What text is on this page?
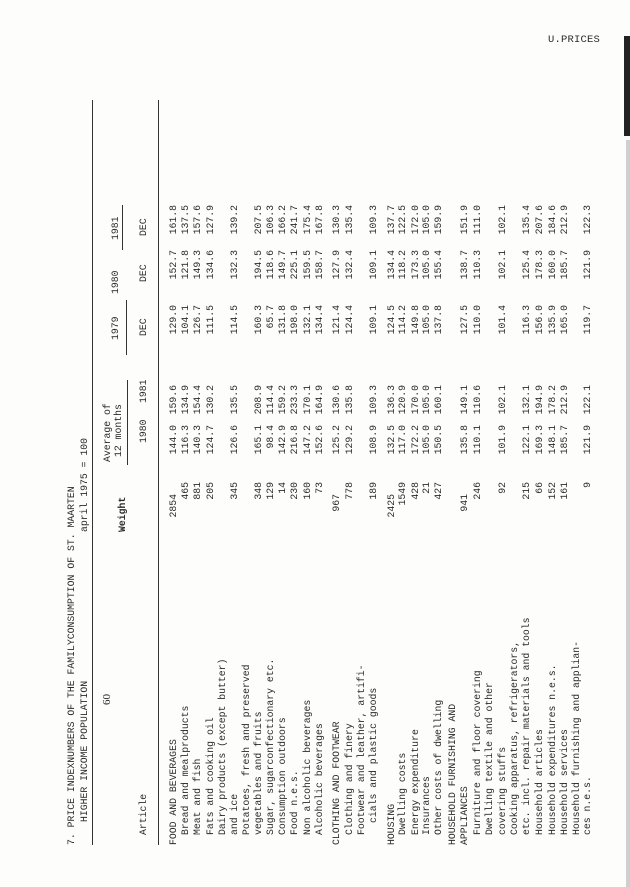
U.PRICES
7. PRICE INDEXNUMBERS OF THE FAMILYCONSUMPTION OF ST. MAARTEN HIGHER INCOME POPULATION
april 1975 = 100
Average of 12 months
Weight
1980
1981
1979
1980
1981
DEC
DEC
DEC
Article FOOD AND BEVERAGES
2854
144.0
159.6
129.0
152.7
161.8
Bread and mealproducts
465
116.3
134.9
104.1
121.8
137.5
Meat and fish
881
140.3
154.4
126.7
149.3
157.6
Fats and cooking oil
205
124.7
130.2
111.5
134.6
127.9
Dairy products (except butter) and ice
345
126.6
135.5
114.5
132.3
139.2
Potatoes, fresh and preserved vegetables and fruits
348
165.1
208.9
160.3
194.5
207.5
Sugar, sugarconfectionary etc.
129
98.4
114.4
65.7
118.6
106.3
Consumption outdoors
14
142.9
159.2
131.8
149.7
166.2
Food n.e.s.
230
216.8
233.3
198.0
225.1
241.7
Non alcoholic beverages
160
147.2
170.1
132.1
159.5
175.4
Alcoholic beverages
73
152.6
164.9
134.4
158.7
167.8
CLOTHING AND FOOTWEAR
967
125.2
130.6
121.4
127.9
130.3
Clothing and finery
778
129.2
135.8
124.4
132.4
135.4
Footwear and leather, artifi- cials and plastic goods
189
108.9
109.3
109.1
109.1
109.3
HOUSING
2425
132.5
136.3
124.5
134.4
137.7
Dwelling costs
1549
117.0
120.9
114.2
118.2
122.5
Energy expenditure
428
172.2
170.0
149.8
173.3
172.0
Insurances
21
105.0
105.0
105.0
105.0
105.0
Other costs of dwelling
427
150.5
160.1
137.8
155.4
159.9
HOUSEHOLD FURNISHING AND APPLIANCES
941
135.8
149.1
127.5
138.7
151.9
Furniture and floor covering
246
110.1
110.6
110.0
110.3
111.0
Dwelling textile and other covering stuffs
92
101.9
102.1
101.4
102.1
102.1
Cooking apparatus, refrigerators, etc. incl. repair materials and tools
215
122.1
132.1
116.3
125.4
135.4
Household articles
66
169.3
194.9
156.0
178.3
207.6
Household expenditures n.e.s.
152
148.1
178.2
135.9
160.0
184.6
Household services
161
185.7
212.9
165.0
185.7
212.9
Household furnishing and applian- ces n.e.s.
9
121.9
122.1
119.7
121.9
122.3
60
